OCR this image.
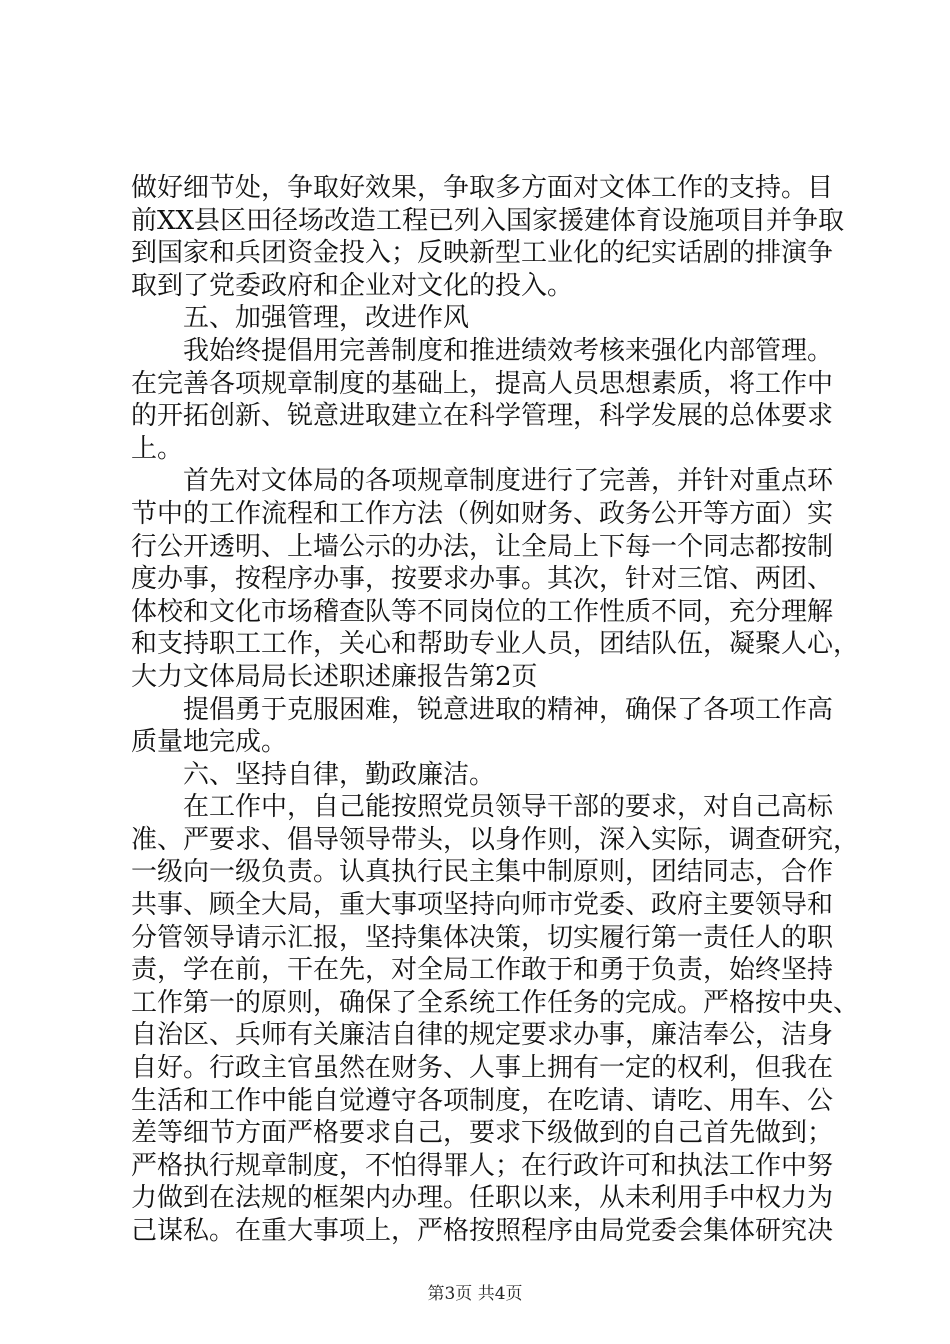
做好细节处，争取好效果，争取多方面对文体工作的支持。目
前XX县区田径场改造工程已列入国家援建体育设施项目并争取
到国家和兵团资金投入；反映新型工业化的纪实话剧的排演争
取到了党委政府和企业对文化的投入。
五、加强管理，改进作风
我始终提倡用完善制度和推进绩效考核来强化内部管理。
在完善各项规章制度的基础上，提高人员思想素质，将工作中
的开拓创新、锐意进取建立在科学管理，科学发展的总体要求
上。
首先对文体局的各项规章制度进行了完善，并针对重点环
节中的工作流程和工作方法（例如财务、政务公开等方面）实
行公开透明、上墙公示的办法，让全局上下每一个同志都按制
度办事，按程序办事，按要求办事。其次，针对三馆、两团、
体校和文化市场稽查队等不同岗位的工作性质不同，充分理解
和支持职工工作，关心和帮助专业人员，团结队伍，凝聚人心，
大力文体局局长述职述廉报告第2页
提倡勇于克服困难，锐意进取的精神，确保了各项工作高
质量地完成。
六、坚持自律，勤政廉洁。
在工作中，自己能按照党员领导干部的要求，对自己高标
准、严要求、倡导领导带头，以身作则，深入实际，调查研究，
一级向一级负责。认真执行民主集中制原则，团结同志，合作
共事、顾全大局，重大事项坚持向师市党委、政府主要领导和
分管领导请示汇报，坚持集体决策，切实履行第一责任人的职
责，学在前，干在先，对全局工作敢于和勇于负责，始终坚持
工作第一的原则，确保了全系统工作任务的完成。严格按中央、
自治区、兵师有关廉洁自律的规定要求办事，廉洁奉公，洁身
自好。行政主官虽然在财务、人事上拥有一定的权利，但我在
生活和工作中能自觉遵守各项制度，在吃请、请吃、用车、公
差等细节方面严格要求自己，要求下级做到的自己首先做到；
严格执行规章制度，不怕得罪人；在行政许可和执法工作中努
力做到在法规的框架内办理。任职以来，从未利用手中权力为
己谋私。在重大事项上，严格按照程序由局党委会集体研究决
第3页 共4页
